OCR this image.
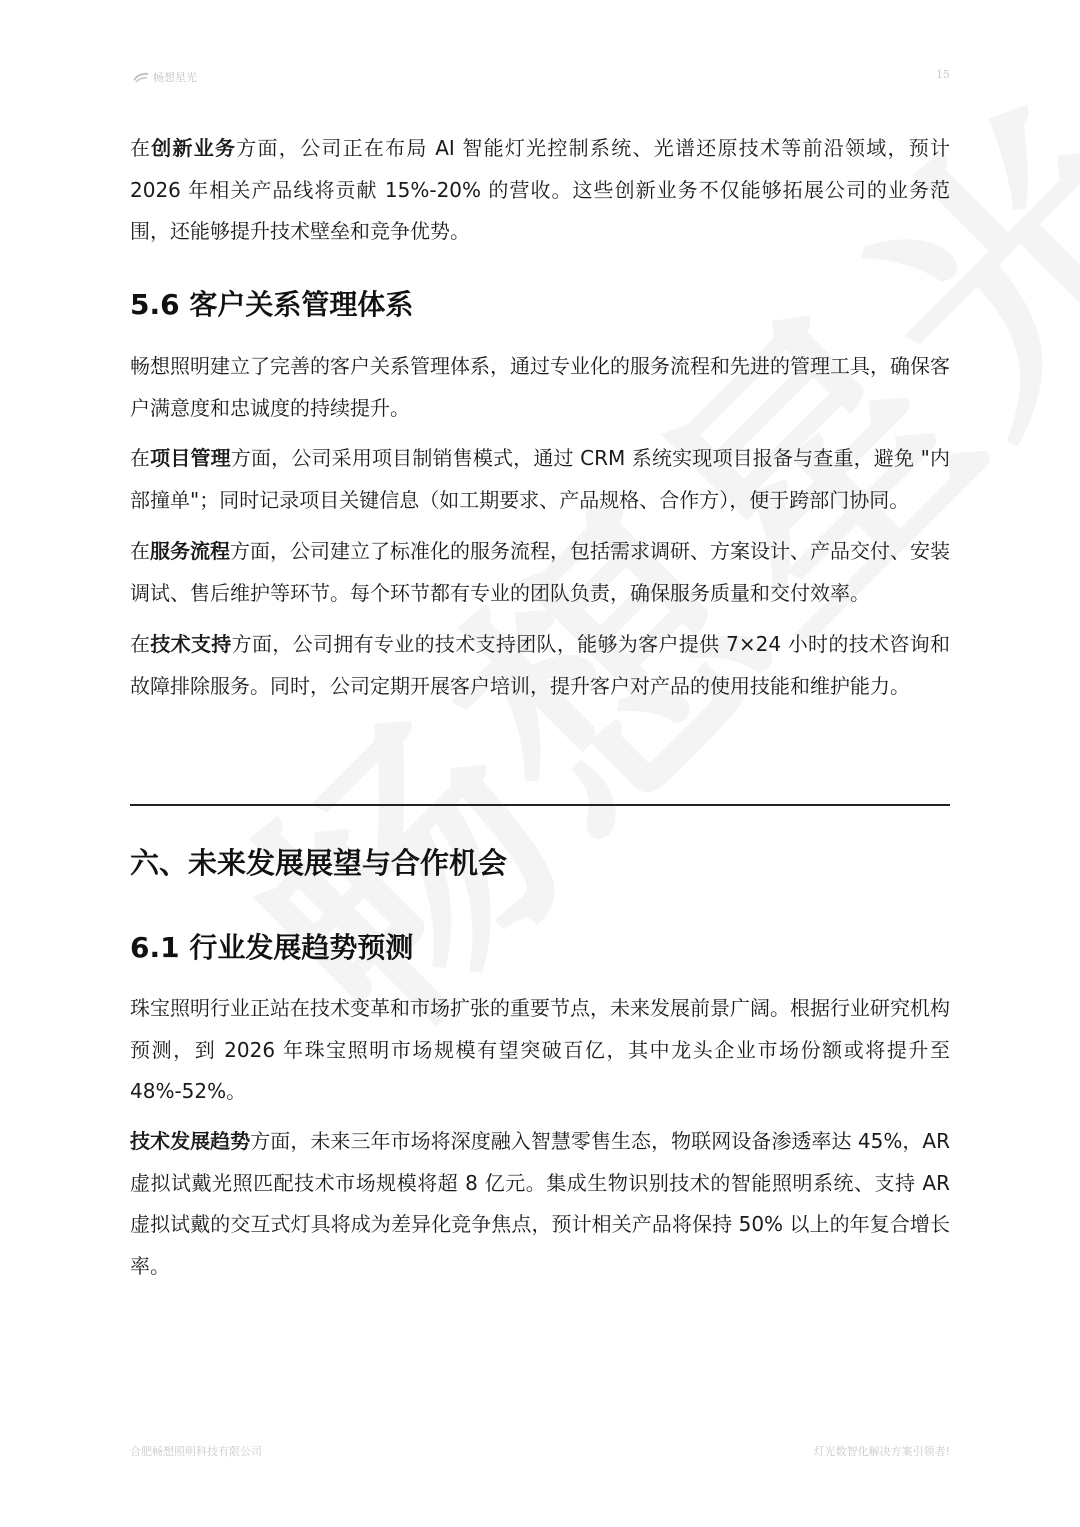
畅想星光	15

在创新业务方面，公司正在布局 AI 智能灯光控制系统、光谱还原技术等前沿领域，预计 2026 年相关产品线将贡献 15%-20% 的营收。这些创新业务不仅能够拓展公司的业务范围，还能够提升技术壁垒和竞争优势。

5.6 客户关系管理体系

畅想照明建立了完善的客户关系管理体系，通过专业化的服务流程和先进的管理工具，确保客户满意度和忠诚度的持续提升。

在项目管理方面，公司采用项目制销售模式，通过 CRM 系统实现项目报备与查重，避免 "内部撞单"；同时记录项目关键信息（如工期要求、产品规格、合作方），便于跨部门协同。

在服务流程方面，公司建立了标准化的服务流程，包括需求调研、方案设计、产品交付、安装调试、售后维护等环节。每个环节都有专业的团队负责，确保服务质量和交付效率。

在技术支持方面，公司拥有专业的技术支持团队，能够为客户提供 7×24 小时的技术咨询和故障排除服务。同时，公司定期开展客户培训，提升客户对产品的使用技能和维护能力。

六、未来发展展望与合作机会
6.1 行业发展趋势预测

珠宝照明行业正站在技术变革和市场扩张的重要节点，未来发展前景广阔。根据行业研究机构预测，到 2026 年珠宝照明市场规模有望突破百亿，其中龙头企业市场份额或将提升至 48%-52%。

技术发展趋势方面，未来三年市场将深度融入智慧零售生态，物联网设备渗透率达 45%，AR 虚拟试戴光照匹配技术市场规模将超 8 亿元。集成生物识别技术的智能照明系统、支持 AR 虚拟试戴的交互式灯具将成为差异化竞争焦点，预计相关产品将保持 50% 以上的年复合增长率。

合肥畅想照明科技有限公司	灯光数智化解决方案引领者!
